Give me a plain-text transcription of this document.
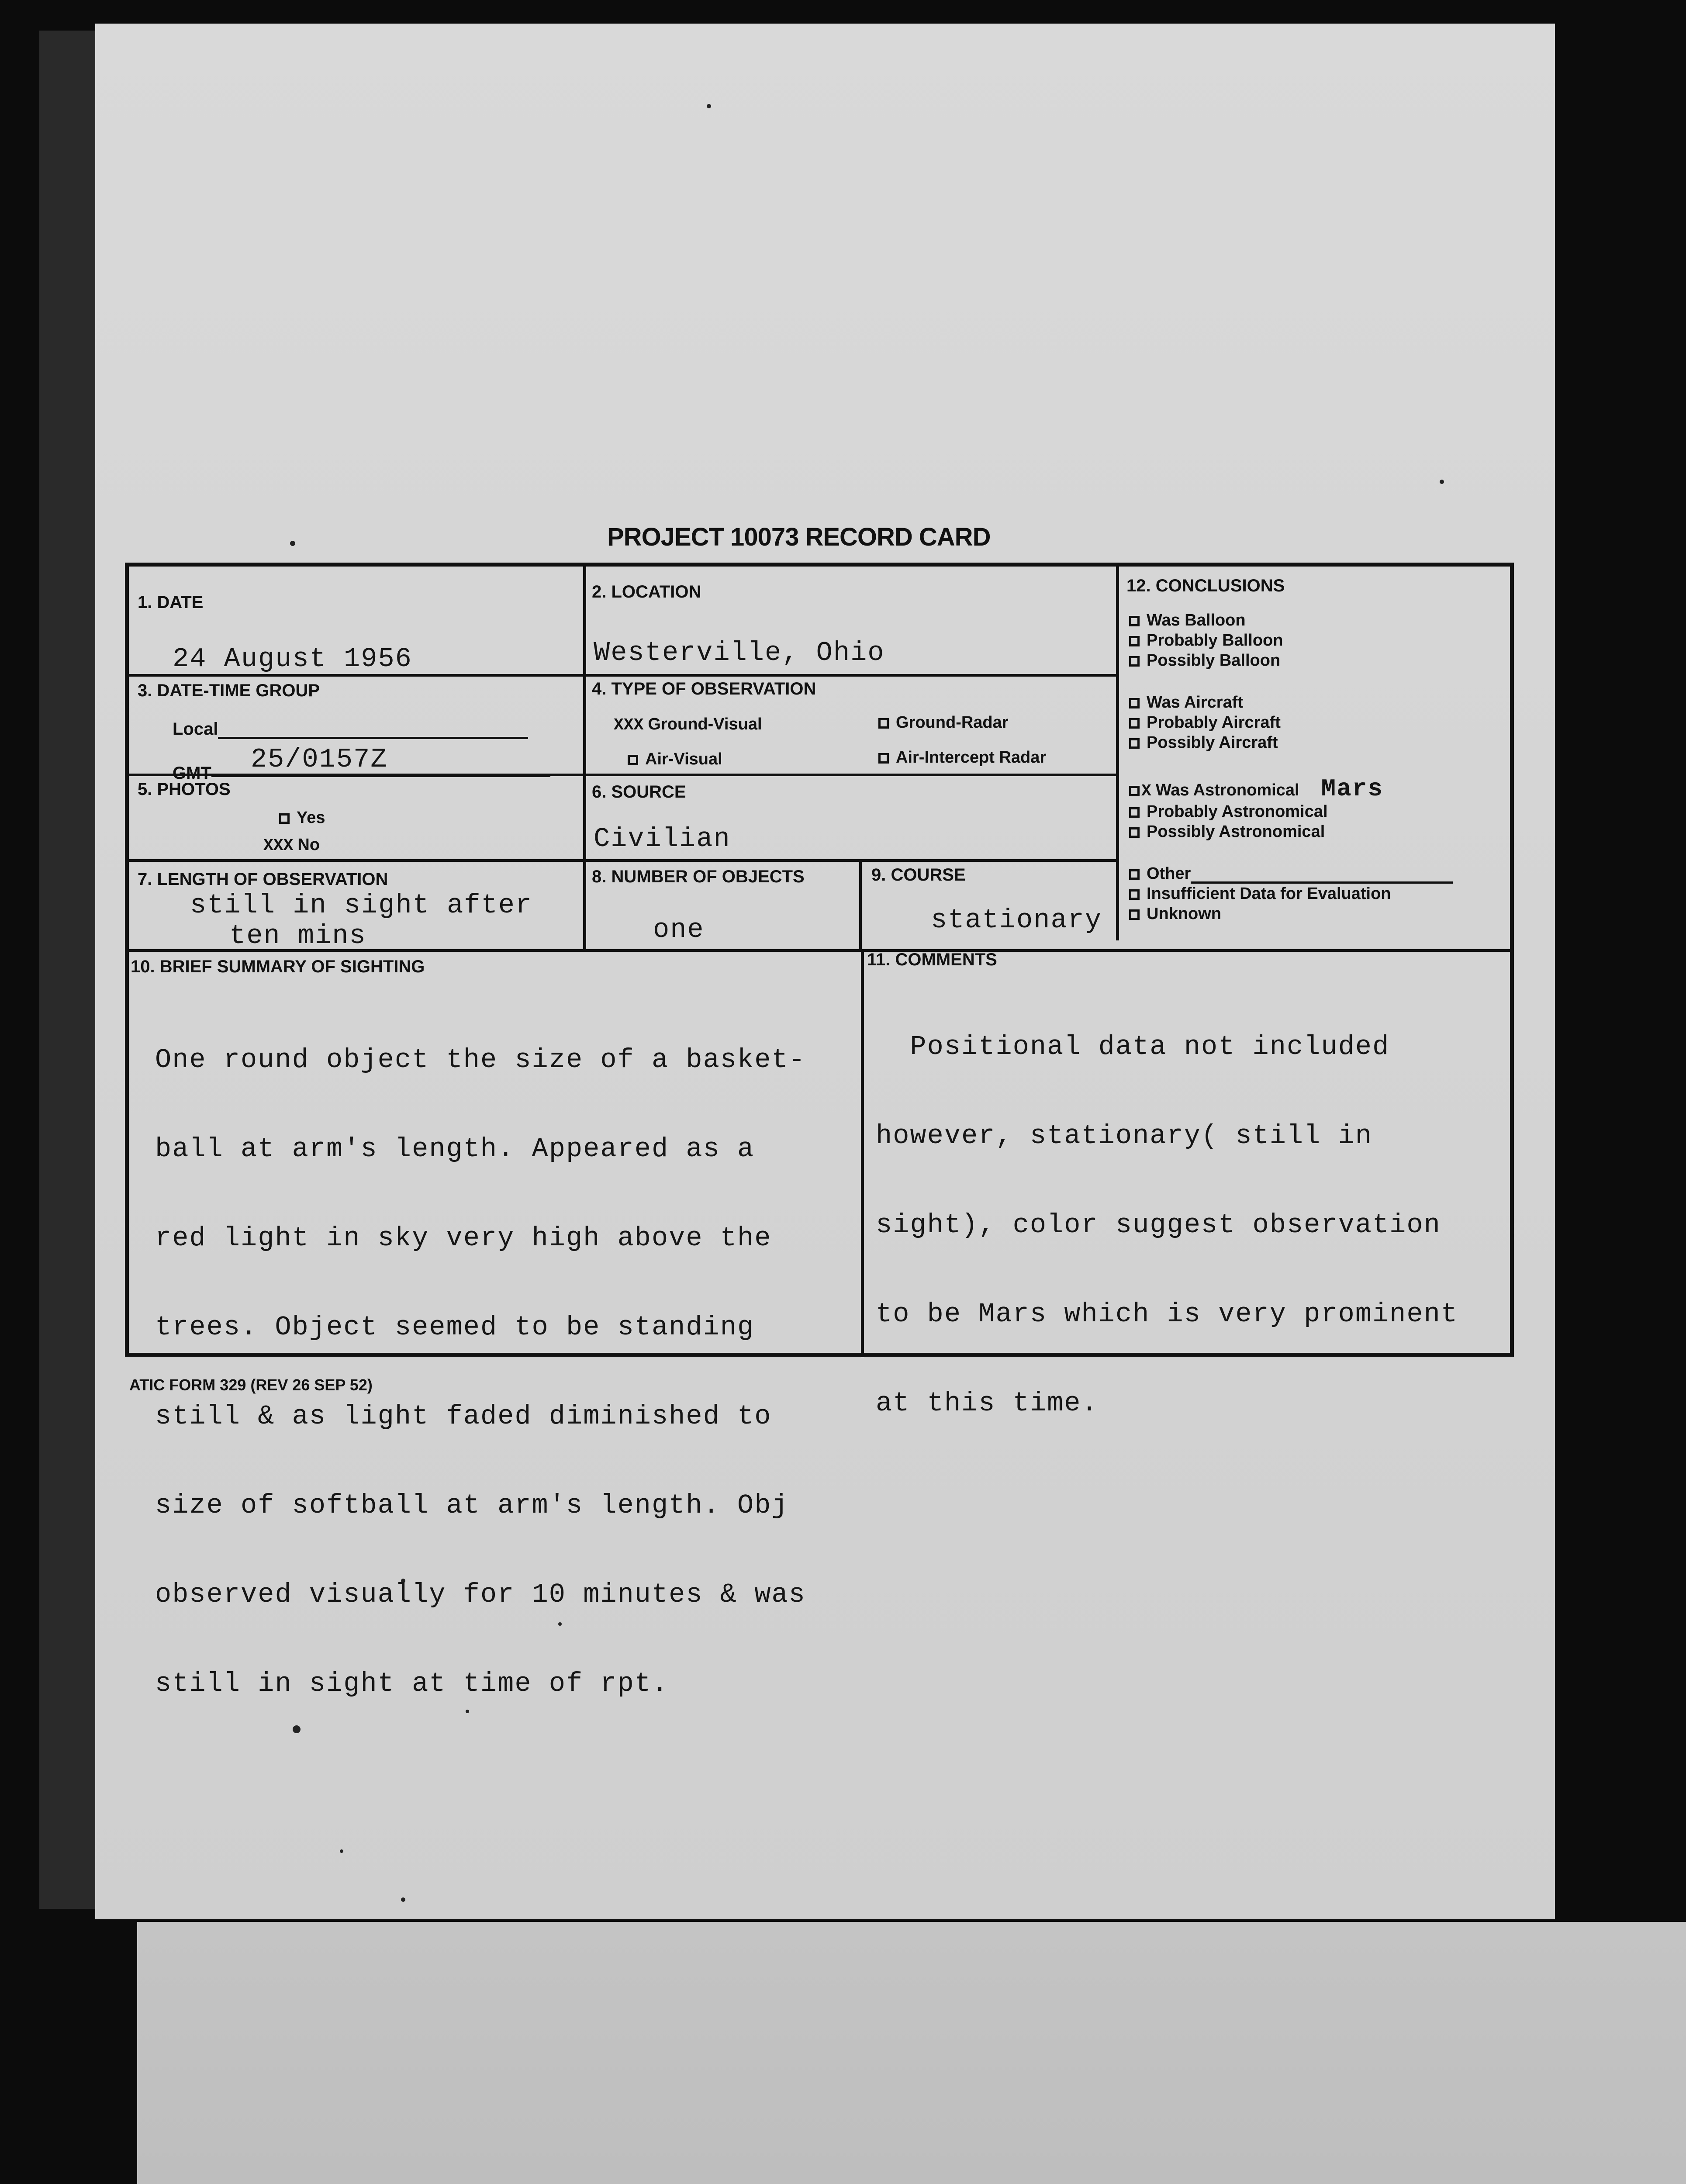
PROJECT 10073 RECORD CARD
1. DATE
24 August 1956
2. LOCATION
Westerville, Ohio
3. DATE-TIME GROUP
Local
GMT 25/0157Z
4. TYPE OF OBSERVATION
XXX Ground-Visual	Ground-Radar
Air-Visual	Air-Intercept Radar
5. PHOTOS
Yes
XXX No
6. SOURCE
Civilian
7. LENGTH OF OBSERVATION
still in sight after
ten mins
8. NUMBER OF OBJECTS
one
9. COURSE
stationary
10. BRIEF SUMMARY OF SIGHTING

One round object the size of a basket-

ball at arm's length. Appeared as a

red light in sky very high above the

trees. Object seemed to be standing

still & as light faded diminished to

size of softball at arm's length. Obj

observed visually for 10 minutes & was

still in sight at time of rpt.

11. COMMENTS

Positional data not included

however, stationary( still in

sight), color suggest observation

to be Mars which is very prominent

at this time.

12. CONCLUSIONS
Was Balloon
Probably Balloon
Possibly Balloon
Was Aircraft
Probably Aircraft
Possibly Aircraft
X Was Astronomical Mars
Probably Astronomical
Possibly Astronomical
Other
Insufficient Data for Evaluation
Unknown
ATIC FORM 329 (REV 26 SEP 52)
